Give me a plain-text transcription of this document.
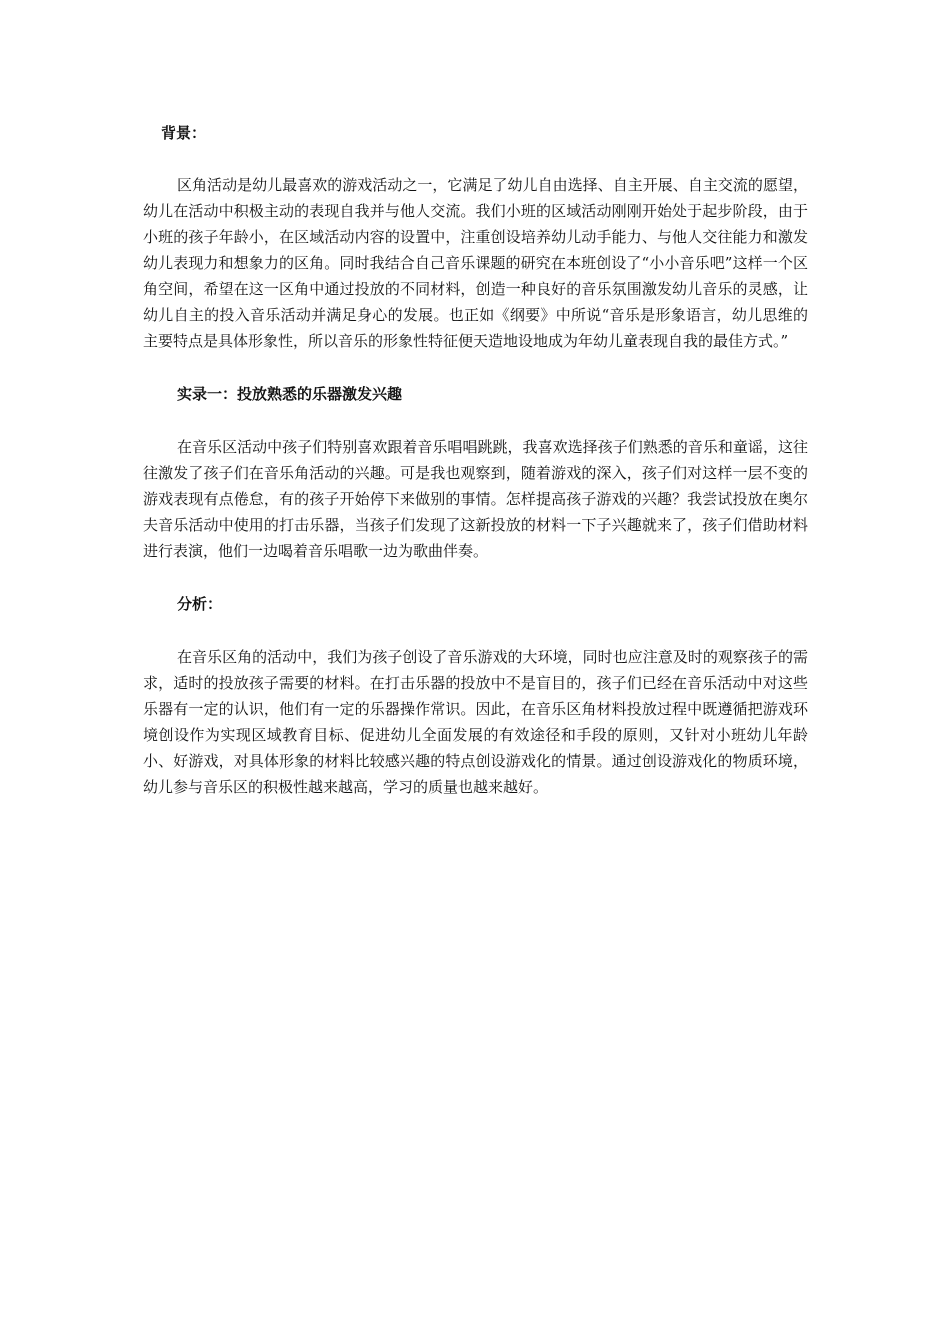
背景：

区角活动是幼儿最喜欢的游戏活动之一，它满足了幼儿自由选择、自主开展、自主交流的愿望，幼儿在活动中积极主动的表现自我并与他人交流。我们小班的区域活动刚刚开始处于起步阶段，由于小班的孩子年龄小，在区域活动内容的设置中，注重创设培养幼儿动手能力、与他人交往能力和激发幼儿表现力和想象力的区角。同时我结合自己音乐课题的研究在本班创设了“小小音乐吧”这样一个区角空间，希望在这一区角中通过投放的不同材料，创造一种良好的音乐氛围激发幼儿音乐的灵感，让幼儿自主的投入音乐活动并满足身心的发展。也正如《纲要》中所说“音乐是形象语言，幼儿思维的主要特点是具体形象性，所以音乐的形象性特征便天造地设地成为年幼儿童表现自我的最佳方式。”

实录一：投放熟悉的乐器激发兴趣

在音乐区活动中孩子们特别喜欢跟着音乐唱唱跳跳，我喜欢选择孩子们熟悉的音乐和童谣，这往往激发了孩子们在音乐角活动的兴趣。可是我也观察到，随着游戏的深入，孩子们对这样一层不变的游戏表现有点倦怠，有的孩子开始停下来做别的事情。怎样提高孩子游戏的兴趣？我尝试投放在奥尔夫音乐活动中使用的打击乐器，当孩子们发现了这新投放的材料一下子兴趣就来了，孩子们借助材料进行表演，他们一边喝着音乐唱歌一边为歌曲伴奏。

分析：

在音乐区角的活动中，我们为孩子创设了音乐游戏的大环境，同时也应注意及时的观察孩子的需求，适时的投放孩子需要的材料。在打击乐器的投放中不是盲目的，孩子们已经在音乐活动中对这些乐器有一定的认识，他们有一定的乐器操作常识。因此，在音乐区角材料投放过程中既遵循把游戏环境创设作为实现区域教育目标、促进幼儿全面发展的有效途径和手段的原则，又针对小班幼儿年龄小、好游戏，对具体形象的材料比较感兴趣的特点创设游戏化的情景。通过创设游戏化的物质环境，幼儿参与音乐区的积极性越来越高，学习的质量也越来越好。
